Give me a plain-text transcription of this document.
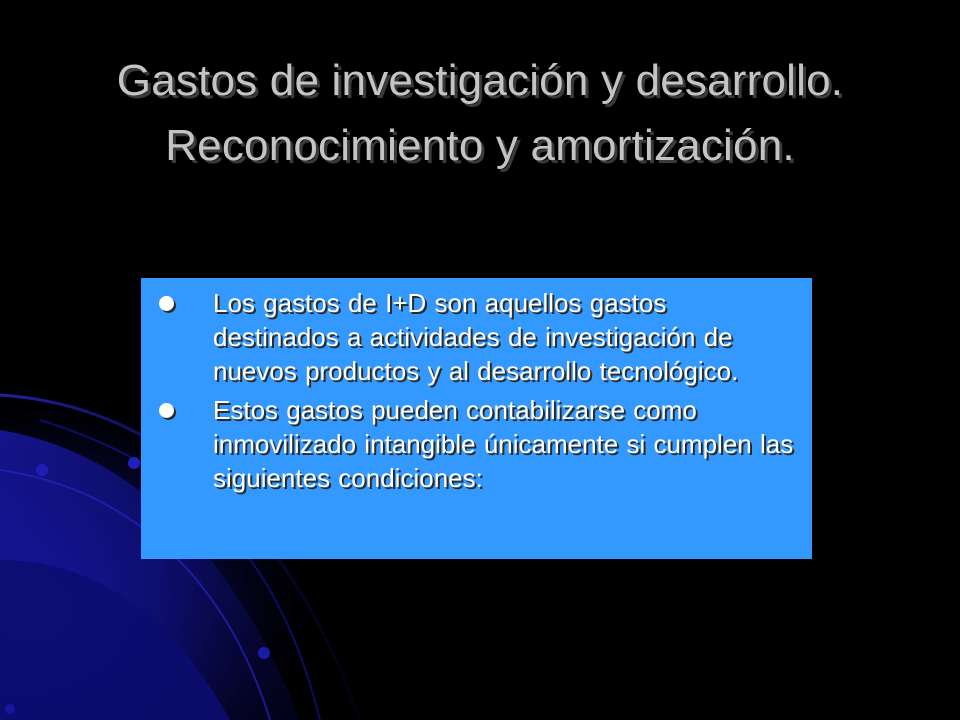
Gastos de investigación y desarrollo. Reconocimiento y amortización.
Los gastos de I+D son aquellos gastos destinados a actividades de investigación de nuevos productos y al desarrollo tecnológico.
Estos gastos pueden contabilizarse como inmovilizado intangible únicamente si cumplen las siguientes condiciones:
